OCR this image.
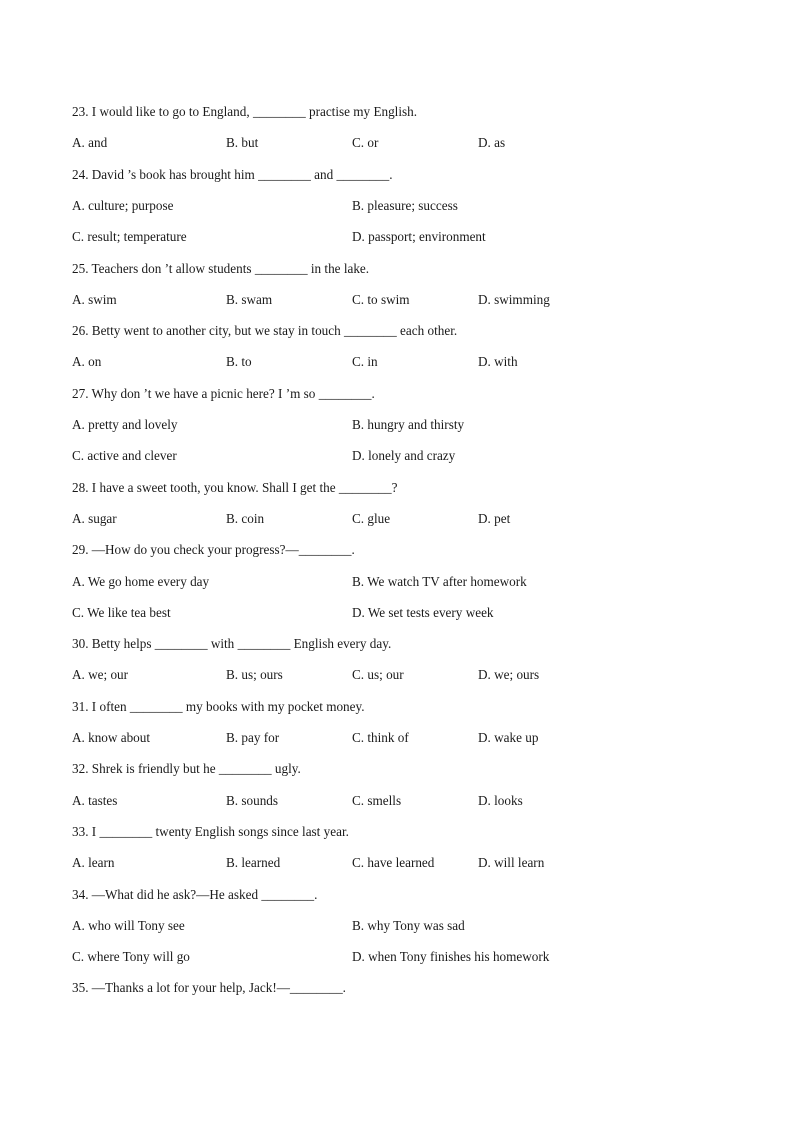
23. I would like to go to England, ________ practise my English.
A. and	B. but	C. or	D. as
24. David ’s book has brought him ________ and ________.
A. culture; purpose	B. pleasure; success
C. result; temperature	D. passport; environment
25. Teachers don ’t allow students ________ in the lake.
A. swim	B. swam	C. to swim	D. swimming
26. Betty went to another city, but we stay in touch ________ each other.
A. on	B. to	C. in	D. with
27. Why don ’t we have a picnic here? I ’m so ________.
A. pretty and lovely	B. hungry and thirsty
C. active and clever	D. lonely and crazy
28. I have a sweet tooth, you know. Shall I get the ________?
A. sugar	B. coin	C. glue	D. pet
29. —How do you check your progress?—________.
A. We go home every day	B. We watch TV after homework
C. We like tea best	D. We set tests every week
30. Betty helps ________ with ________ English every day.
A. we; our	B. us; ours	C. us; our	D. we; ours
31. I often ________ my books with my pocket money.
A. know about	B. pay for	C. think of	D. wake up
32. Shrek is friendly but he ________ ugly.
A. tastes	B. sounds	C. smells	D. looks
33. I ________ twenty English songs since last year.
A. learn	B. learned	C. have learned	D. will learn
34. —What did he ask?—He asked ________.
A. who will Tony see	B. why Tony was sad
C. where Tony will go	D. when Tony finishes his homework
35. —Thanks a lot for your help, Jack!—________.
